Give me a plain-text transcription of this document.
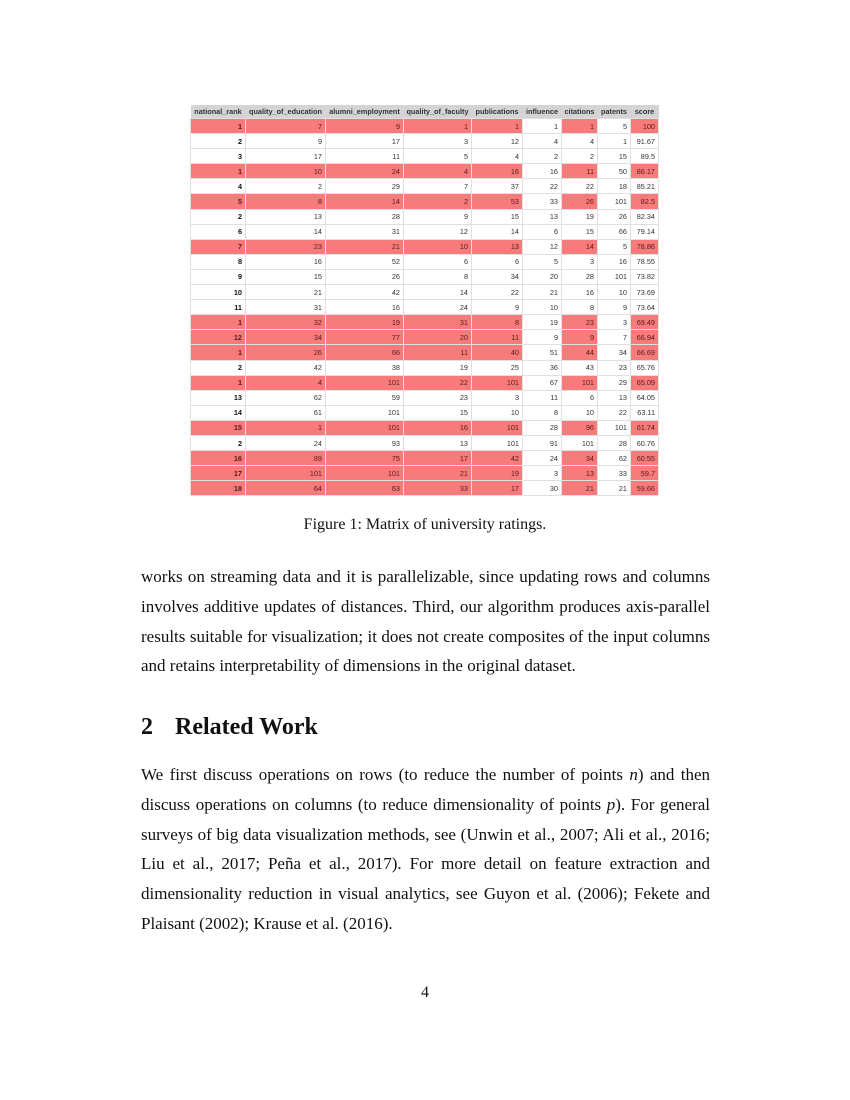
national_rank	quality_of_education	alumni_employment	quality_of_faculty	publications	influence	citations	patents	score
1	7	9	1	1	1	1	5	100
2	9	17	3	12	4	4	1	91.67
3	17	11	5	4	2	2	15	89.5
1	10	24	4	16	16	11	50	86.17
4	2	29	7	37	22	22	18	85.21
5	8	14	2	53	33	26	101	82.5
2	13	28	9	15	13	19	26	82.34
6	14	31	12	14	6	15	66	79.14
7	23	21	10	13	12	14	5	78.86
8	16	52	6	6	5	3	16	78.55
9	15	26	8	34	20	28	101	73.82
10	21	42	14	22	21	16	10	73.69
11	31	16	24	9	10	8	9	73.64
1	32	19	31	8	19	23	3	69.49
12	34	77	20	11	9	9	7	66.94
1	26	66	11	40	51	44	34	66.69
2	42	38	19	25	36	43	23	65.76
1	4	101	22	101	67	101	29	65.09
13	62	59	23	3	11	6	13	64.05
14	61	101	15	10	8	10	22	63.11
15	1	101	16	101	28	96	101	61.74
2	24	93	13	101	91	101	28	60.76
16	89	75	17	42	24	34	62	60.55
17	101	101	21	19	3	13	33	59.7
18	64	63	33	17	30	21	21	59.66
Figure 1: Matrix of university ratings.

works on streaming data and it is parallelizable, since updating rows and columns involves additive updates of distances. Third, our algorithm produces axis-parallel results suitable for visualization; it does not create composites of the input columns and retains interpretability of dimensions in the original dataset.

2 Related Work

We first discuss operations on rows (to reduce the number of points n) and then discuss operations on columns (to reduce dimensionality of points p). For general surveys of big data visualization methods, see (Unwin et al., 2007; Ali et al., 2016; Liu et al., 2017; Peña et al., 2017). For more detail on feature extraction and dimensionality reduction in visual analytics, see Guyon et al. (2006); Fekete and Plaisant (2002); Krause et al. (2016).

4
